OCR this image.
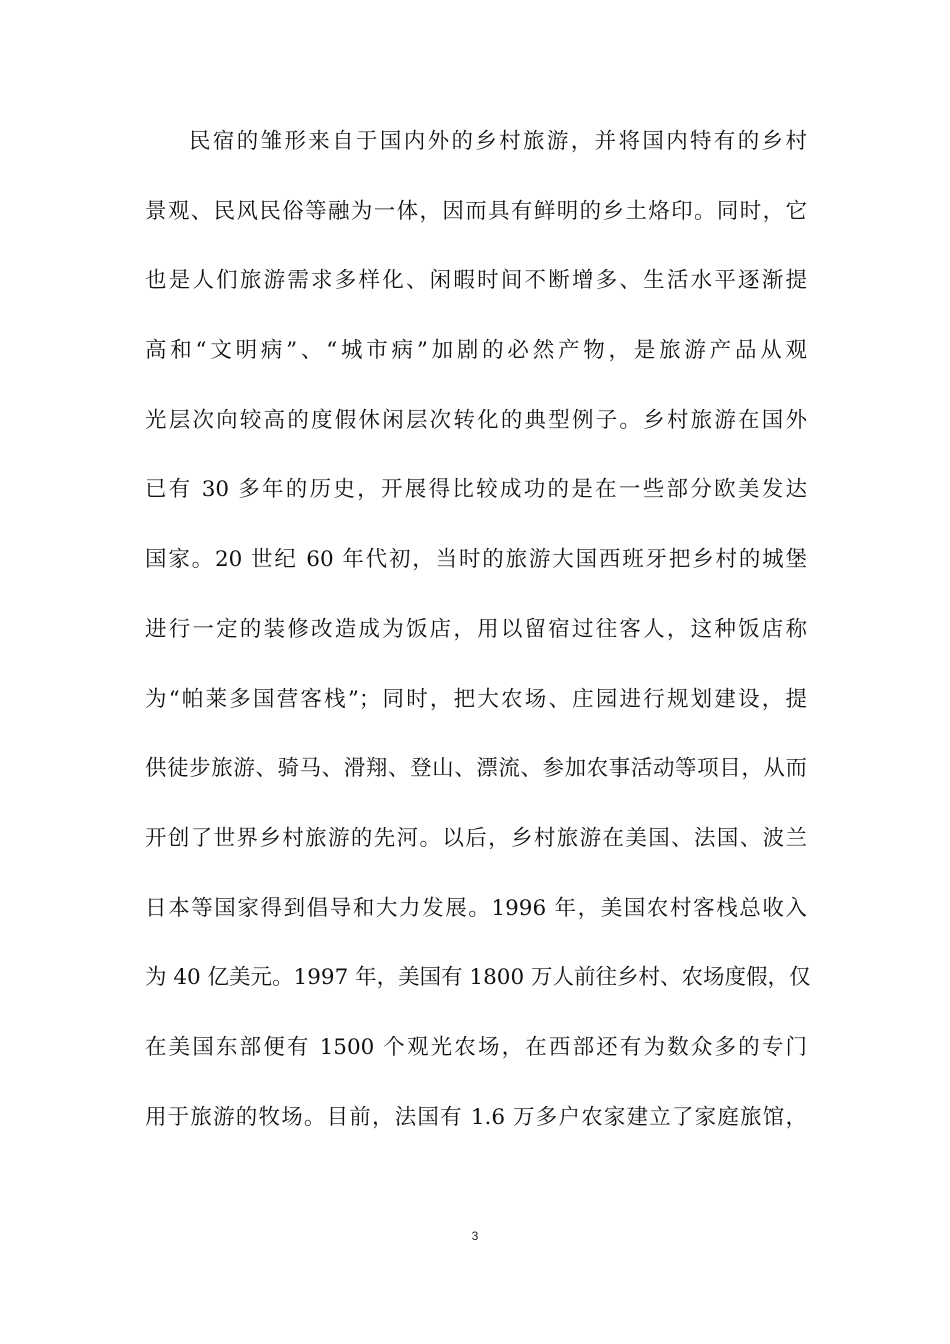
民宿的雏形来自于国内外的乡村旅游，并将国内特有的乡村
景观、民风民俗等融为一体，因而具有鲜明的乡土烙印。同时，它
也是人们旅游需求多样化、闲暇时间不断增多、生活水平逐渐提
高和“文明病”、“城市病”加剧的必然产物，是旅游产品从观
光层次向较高的度假休闲层次转化的典型例子。乡村旅游在国外
已有 30 多年的历史，开展得比较成功的是在一些部分欧美发达
国家。20 世纪 60 年代初，当时的旅游大国西班牙把乡村的城堡
进行一定的装修改造成为饭店，用以留宿过往客人，这种饭店称
为“帕莱多国营客栈”；同时，把大农场、庄园进行规划建设，提
供徒步旅游、骑马、滑翔、登山、漂流、参加农事活动等项目，从而
开创了世界乡村旅游的先河。以后，乡村旅游在美国、法国、波兰
日本等国家得到倡导和大力发展。1996 年，美国农村客栈总收入
为 40 亿美元。1997 年，美国有 1800 万人前往乡村、农场度假，仅
在美国东部便有 1500 个观光农场，在西部还有为数众多的专门
用于旅游的牧场。目前，法国有 1.6 万多户农家建立了家庭旅馆，
3
